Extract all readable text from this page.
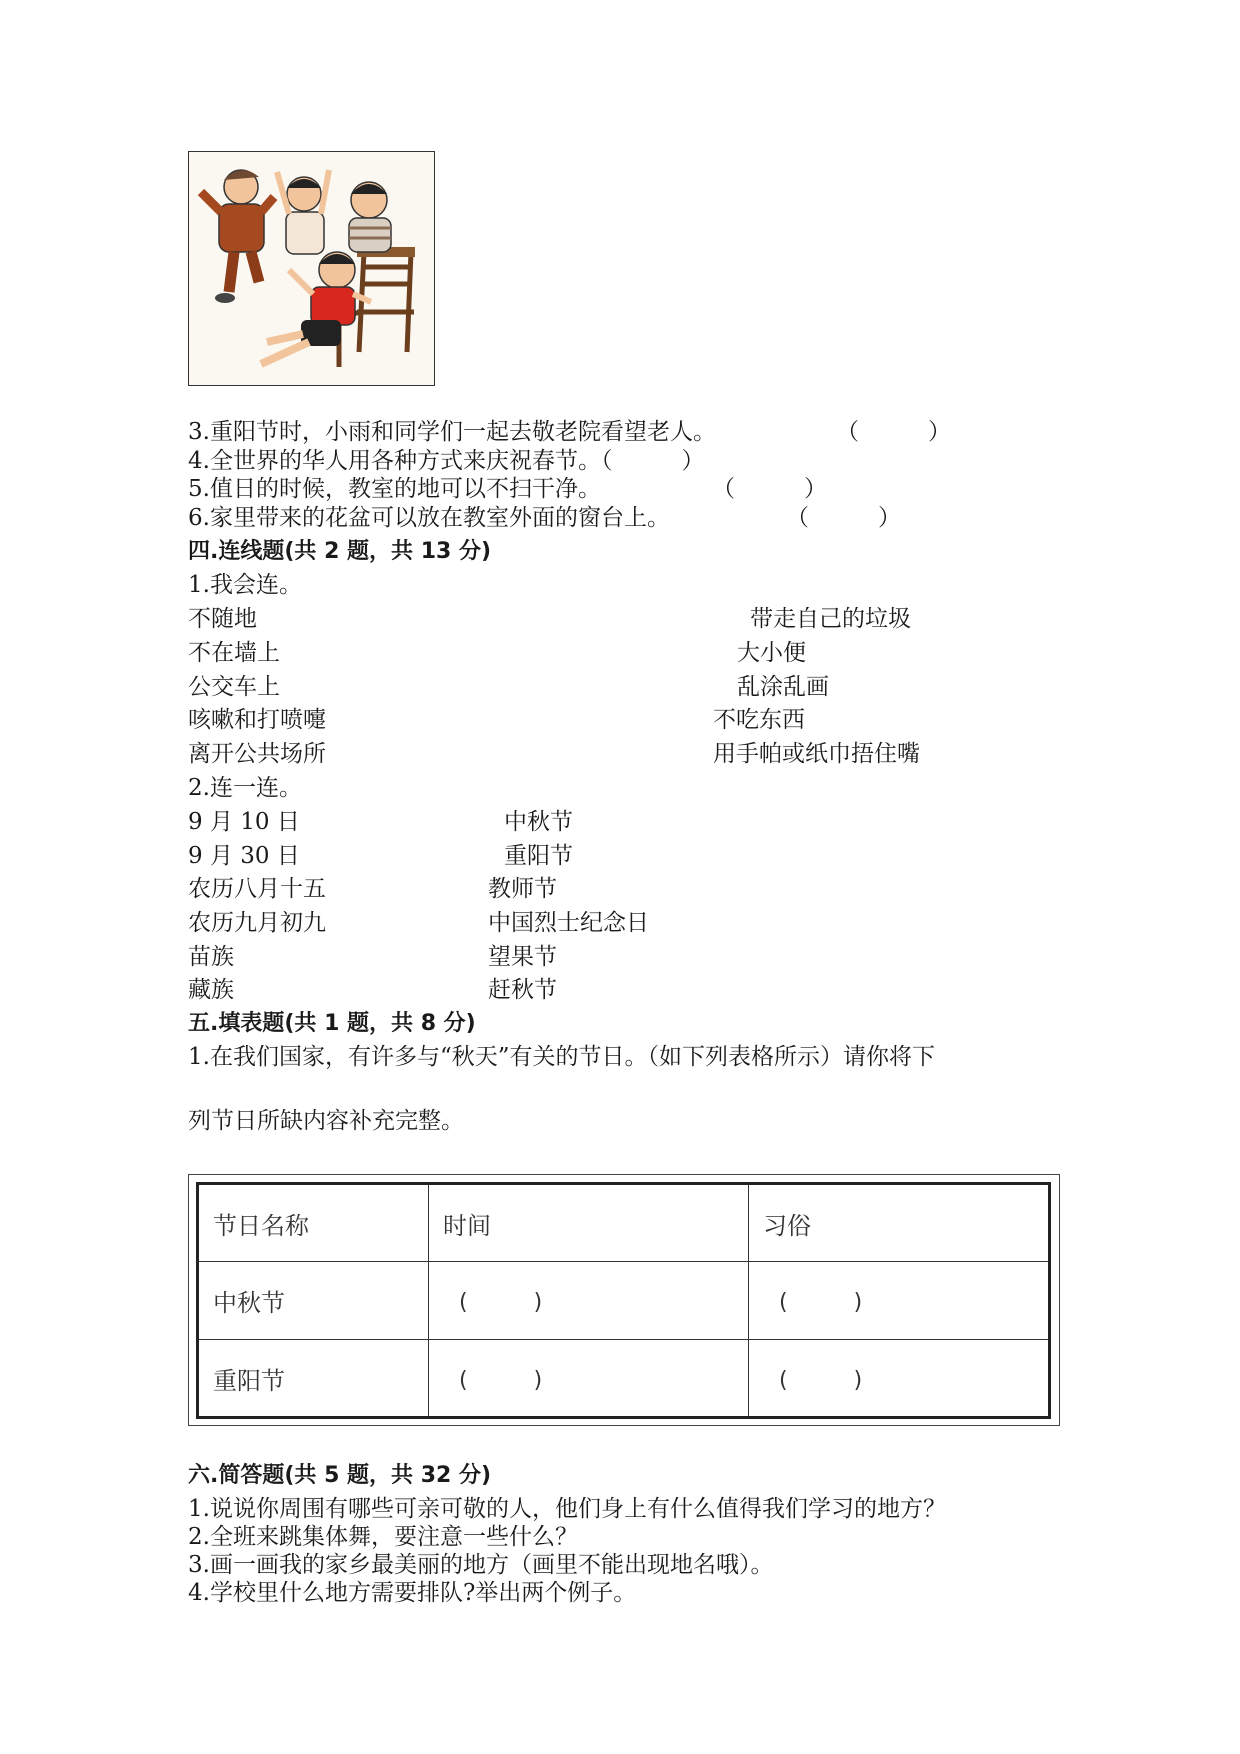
3.重阳节时，小雨和同学们一起去敬老院看望老人。	（　　　）
4.全世界的华人用各种方式来庆祝春节。（　　　）
5.值日的时候，教室的地可以不扫干净。	（　　　）
6.家里带来的花盆可以放在教室外面的窗台上。	（　　　）
四.连线题(共 2 题，共 13 分)
1.我会连。
不随地	带走自己的垃圾
不在墙上	大小便
公交车上	乱涂乱画
咳嗽和打喷嚏	不吃东西
离开公共场所	用手帕或纸巾捂住嘴
2.连一连。
9 月 10 日	中秋节
9 月 30 日	重阳节
农历八月十五	教师节
农历九月初九	中国烈士纪念日
苗族	望果节
藏族	赶秋节
五.填表题(共 1 题，共 8 分)
1.在我们国家，有许多与“秋天”有关的节日。（如下列表格所示）请你将下
列节日所缺内容补充完整。
节日名称	时间	习俗
中秋节	(　　　)	(　　　)
重阳节	(　　　)	(　　　)
六.简答题(共 5 题，共 32 分)
1.说说你周围有哪些可亲可敬的人，他们身上有什么值得我们学习的地方？
2.全班来跳集体舞，要注意一些什么？
3.画一画我的家乡最美丽的地方（画里不能出现地名哦）。
4.学校里什么地方需要排队?举出两个例子。
